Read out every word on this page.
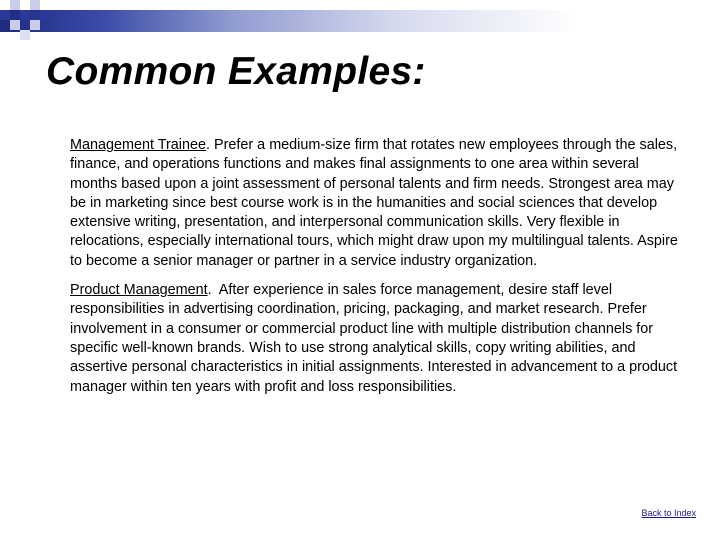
Common Examples:

Management Trainee. Prefer a medium-size firm that rotates new employees through the sales, finance, and operations functions and makes final assignments to one area within several months based upon a joint assessment of personal talents and firm needs. Strongest area may be in marketing since best course work is in the humanities and social sciences that develop extensive writing, presentation, and interpersonal communication skills. Very flexible in relocations, especially international tours, which might draw upon my multilingual talents. Aspire to become a senior manager or partner in a service industry organization.

Product Management.  After experience in sales force management, desire staff level responsibilities in advertising coordination, pricing, packaging, and market research. Prefer involvement in a consumer or commercial product line with multiple distribution channels for specific well-known brands. Wish to use strong analytical skills, copy writing abilities, and assertive personal characteristics in initial assignments. Interested in advancement to a product manager within ten years with profit and loss responsibilities.

Back to Index
